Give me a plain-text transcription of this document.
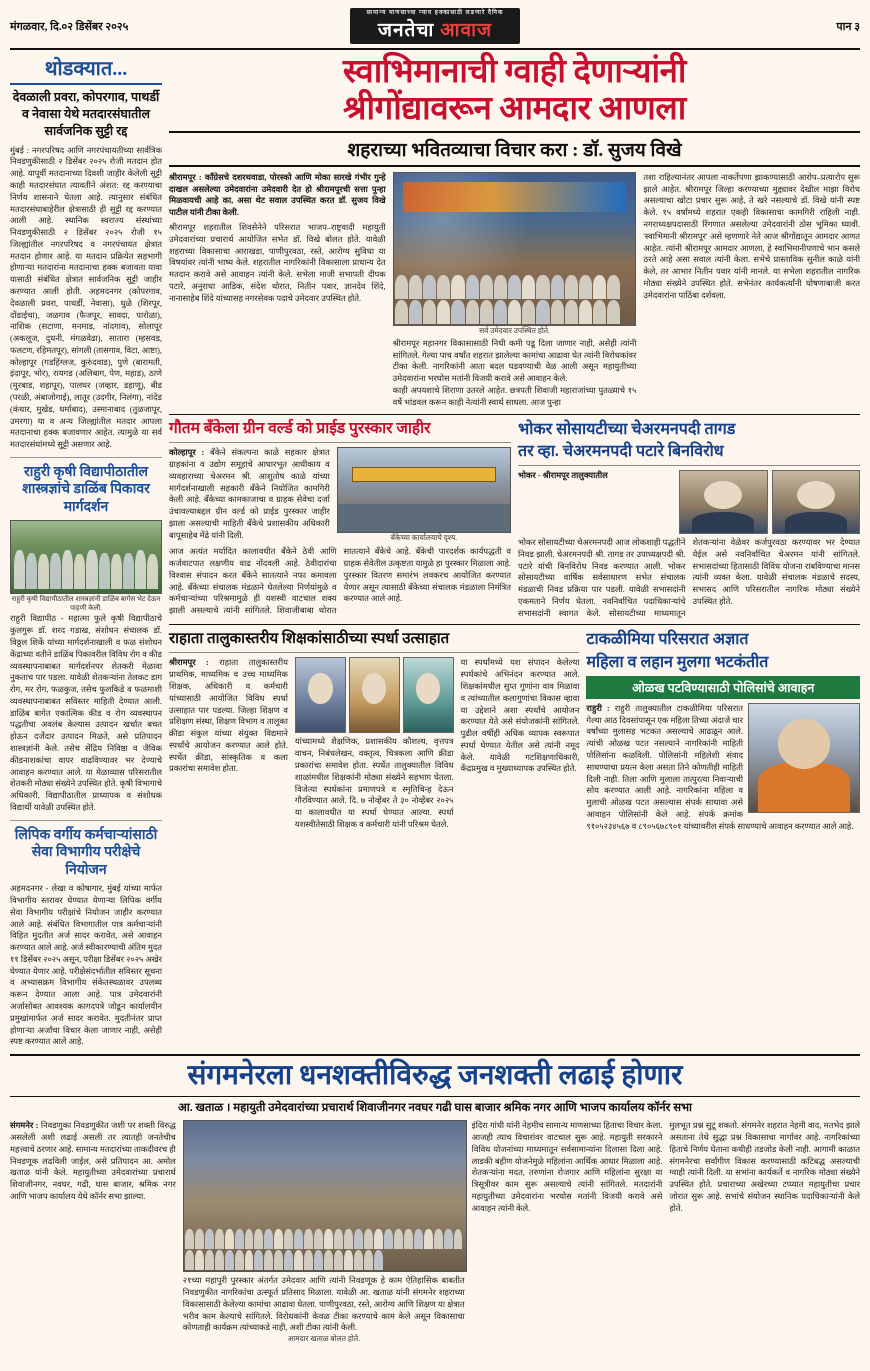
मंगळवार, दि.०२ डिसेंबर २०२५
सामान्य माणसाच्या न्याय हक्कासाठी लढणारे दैनिक
जनतेचा आवाज	पान ३
थोडक्यात...
देवळाली प्रवरा, कोपरगाव, पाथर्डी व नेवासा येथे मतदारसंघातील सार्वजनिक सुट्टी रद्द
मुंबई : नगरपरिषद आणि नगरपंचायतीच्या सार्वत्रिक निवडणुकीसाठी २ डिसेंबर २०२५ रोजी मतदान होत आहे. यापूर्वी मतदानाच्या दिवशी जाहीर केलेली सुट्टी काही मतदारसंघात त्यावतीने अंशत: रद्द करण्याचा निर्णय शासनाने घेतला आहे. त्यानुसार संबंधित मतदारसंघाबाहेरील क्षेत्रासाठी ही सुट्टी रद्द करण्यात आली आहे. स्थानिक स्वराज्य संस्थांच्या निवडणुकीसाठी २ डिसेंबर २०२५ रोजी १५ जिल्ह्यांतील नगरपरिषद व नगरपंचायत क्षेत्रात मतदान होणार आहे. या मतदान प्रक्रियेत सहभागी होणाऱ्या मतदारांना मतदानाचा हक्क बजावता यावा यासाठी संबंधित क्षेत्रात सार्वजनिक सुट्टी जाहीर करण्यात आली होती. अहमदनगर (कोपरगाव, देवळाली प्रवरा, पाथर्डी, नेवासा), धुळे (शिरपूर, दोंडाईचा), जळगाव (फैजपूर, सावदा, पारोळा), नाशिक (सटाणा, मनमाड, नांदगाव), सोलापूर (अकलूज, दुधनी, मंगळवेढा), सातारा (म्हसवड, फलटण, रहिमतपूर), सांगली (तासगाव, विटा, आष्टा), कोल्हापूर (गडहिंग्लज, कुरुंदवाड), पुणे (बारामती, इंदापूर, भोर), रायगड (अलिबाग, पेण, महाड), ठाणे (मुरबाड, शहापूर), पालघर (जव्हार, डहाणू), बीड (परळी, अंबाजोगाई), लातूर (उदगीर, निलंगा), नांदेड (कंधार, मुखेड, धर्माबाद), उस्मानाबाद (तुळजापूर, उमरगा) या व अन्य जिल्ह्यांतील मतदार आपला मतदानाचा हक्क बजावणार आहेत. त्यामुळे या सर्व मतदारसंघांमध्ये सुट्टी असणार आहे.
राहुरी कृषी विद्यापीठातील शास्त्रज्ञांचे डाळिंब पिकावर मार्गदर्शन
राहुरी कृषी विद्यापीठातील शास्त्रज्ञांनी डाळिंब बागेस भेट देऊन पाहणी केली.
राहुरी विद्यापीठ - महात्मा फुले कृषी विद्यापीठाचे कुलगुरू डॉ. शरद गडाख, संशोधन संचालक डॉ. विठ्ठल शिर्के यांच्या मार्गदर्शनाखाली व फळ संशोधन केंद्राच्या वतीने डाळिंब पिकावरील विविध रोग व कीड व्यवस्थापनाबाबत मार्गदर्शनपर शेतकरी मेळावा नुकताच पार पडला. यावेळी शेतकऱ्यांना तेलकट डाग रोग, मर रोग, फळकुज, तसेच फुलकिडे व फळमाशी व्यवस्थापनाबाबत सविस्तर माहिती देण्यात आली. डाळिंब बागेत एकात्मिक कीड व रोग व्यवस्थापन पद्धतीचा अवलंब केल्यास उत्पादन खर्चात बचत होऊन दर्जेदार उत्पादन मिळते, असे प्रतिपादन शास्त्रज्ञांनी केले. तसेच सेंद्रिय निविष्ठा व जैविक कीडनाशकांचा वापर वाढविण्यावर भर देण्याचे आवाहन करण्यात आले. या मेळाव्यास परिसरातील शेतकरी मोठ्या संख्येने उपस्थित होते. कृषी विभागाचे अधिकारी, विद्यापीठातील प्राध्यापक व संशोधक विद्यार्थी यावेळी उपस्थित होते.
लिपिक वर्गीय कर्मचाऱ्यांसाठी सेवा विभागीय परीक्षेचे नियोजन
अहमदनगर - लेखा व कोषागार, मुंबई यांच्या मार्फत विभागीय स्तरावर घेण्यात येणाऱ्या लिपिक वर्गीय सेवा विभागीय परीक्षांचे नियोजन जाहीर करण्यात आले आहे. संबंधित विभागातील पात्र कर्मचाऱ्यांनी विहित मुदतीत अर्ज सादर करावेत, असे आवाहन करण्यात आले आहे. अर्ज स्वीकारण्याची अंतिम मुदत ११ डिसेंबर २०२५ असून, परीक्षा डिसेंबर २०२५ अखेर घेण्यात येणार आहे. परीक्षेसंदर्भातील सविस्तर सूचना व अभ्यासक्रम विभागीय संकेतस्थळावर उपलब्ध करून देण्यात आला आहे. पात्र उमेदवारांनी अर्जासोबत आवश्यक कागदपत्रे जोडून कार्यालयीन प्रमुखांमार्फत अर्ज सादर करावेत. मुदतीनंतर प्राप्त होणाऱ्या अर्जांचा विचार केला जाणार नाही, असेही स्पष्ट करण्यात आले आहे.
स्वाभिमानाची ग्वाही देणाऱ्यांनी
श्रीगोंद्यावरून आमदार आणला
शहराच्या भवितव्याचा विचार करा : डॉ. सुजय विखे
श्रीरामपूर : कॉंग्रेसचे दशरथवाडा, पोरस्को आणि मोका सारखे गंभीर गुन्हे दाखल असलेल्या उमेदवारांना उमेदवारी देत हो श्रीरामपूरची सत्ता पुन्हा मिळवायची आहे का, असा थेट सवाल उपस्थित करत डॉ. सुजय विखे पाटील यांनी टीका केली.
श्रीरामपूर शहरातील शिवसेनेने परिसरात भाजप–राष्ट्रवादी महायुती उमेदवारांच्या प्रचारार्थ आयोजित सभेत डॉ. विखे बोलत होते. यावेळी शहराच्या विकासाचा आराखडा, पाणीपुरवठा, रस्ते, आरोग्य सुविधा या विषयांवर त्यांनी भाष्य केले. शहरातील नागरिकांनी विकासाला प्राधान्य देत मतदान करावे असे आवाहन त्यांनी केले. सभेला माजी सभापती दीपक पटारे, अनुराधा आडिक, संदेश थोरात, नितीन पवार, ज्ञानदेव शिंदे, नानासाहेब शिंदे यांच्यासह नगरसेवक पदाचे उमेदवार उपस्थित होते.
सर्व उमेदवार उपस्थित होते.
श्रीरामपूर महानगर विकासासाठी निधी कमी पडू दिला जाणार नाही, असेही त्यांनी सांगितले. गेल्या पाच वर्षांत शहरात झालेल्या कामांचा आढावा घेत त्यांनी विरोधकांवर टीका केली. नागरिकांनी आता बदल घडवण्याची वेळ आली असून महायुतीच्या उमेदवारांना भरघोस मतांनी विजयी करावे असे आवाहन केले.
काही अपयशाचे शिराणा उतरले आहेत. छत्रपती शिवाजी महाराजांच्या पुतळ्याचे १५ वर्षे भांडवल करून काही नेत्यांनी स्वार्थ साधला. आज पुन्हा
तशा राहिल्यानंतर आपला नाकर्तेपणा झाकण्यासाठी आरोप–प्रत्यारोप सुरू झाले आहेत. श्रीरामपूर जिल्हा करण्याच्या मुद्द्यावर देखील माझा विरोध असल्याचा खोटा प्रचार सुरू आहे, ते खरे नसल्याचे डॉ. विखे यांनी स्पष्ट केले. १५ वर्षांमध्ये शहरात एकही विकासाचा कामगिरी राहिली नाही. नगराध्यक्षपदासाठी रिंगणात असलेल्या उमेदवारांनी ठोस भूमिका घ्यावी. 'स्वाभिमानी श्रीरामपूर' असे म्हणणारे नेते आज श्रीगोंद्यातून आमदार आणत आहेत. त्यांनी श्रीरामपूर आमदार आणला, हे स्वाभिमानीपणाचे भान कसले ठरते आहे असा सवाल त्यांनी केला. सभेचे प्रास्ताविक सुनील काळे यांनी केले, तर आभार नितीन पवार यांनी मानले. या सभेला शहरातील नागरिक मोठ्या संख्येने उपस्थित होते. सभेनंतर कार्यकर्त्यांनी घोषणाबाजी करत उमेदवारांना पाठिंबा दर्शवला.
गौतम बँकेला ग्रीन वर्ल्ड को प्राईड पुरस्कार जाहीर
कोल्हापूर : बँकेने संकल्पना काळे सहकार क्षेत्रात ग्राहकांना व उद्योग समूहाचे आधारभूत आधीकाय व व्यवहाराच्या चेअरमन श्री. आशुतोष काळे यांच्या मार्गदर्शनाखाली सहकारी बँकेने नियोजित कामगिरी केली आहे. बँकेच्या कामकाजाचा व ग्राहक सेवेचा दर्जा उंचावल्याबद्दल ग्रीन वर्ल्ड को प्राईड पुरस्कार जाहीर झाला असल्याची माहिती बँकेचे प्रशासकीय अधिकारी बापूसाहेब मेंढे यांनी दिली.	बँकेच्या कार्यालयाचे दृश्य.
आज अत्यंत मर्यादित कालावधीत बँकेने ठेवी आणि कर्जवाटपात लक्षणीय वाढ नोंदवली आहे. ठेवीदारांचा विश्वास संपादन करत बँकेने सातत्याने नफा कमावला आहे. बँकेच्या संचालक मंडळाने घेतलेल्या निर्णयांमुळे व कर्मचाऱ्यांच्या परिश्रमामुळे ही यशस्वी वाटचाल शक्य झाली असल्याचे त्यांनी सांगितले. शिवाजीबाबा थोरात सातत्याने बँकेचे आहे. बँकेची पारदर्शक कार्यपद्धती व ग्राहक सेवेतील उत्कृष्टता यामुळे हा पुरस्कार मिळाला आहे. पुरस्कार वितरण समारंभ लवकरच आयोजित करण्यात येणार असून त्यासाठी बँकेच्या संचालक मंडळाला निमंत्रित करण्यात आले आहे.
भोकर सोसायटीच्या चेअरमनपदी तागड
तर व्हा. चेअरमनपदी पटारे बिनविरोध
भोकर - श्रीरामपूर तालुक्यातील
भोकर सोसायटीच्या चेअरमनपदी आज लोकशाही पद्धतीने निवड झाली. चेअरमनपदी श्री. तागड तर उपाध्यक्षपदी श्री. पटारे यांची बिनविरोध निवड करण्यात आली. भोकर सोसायटीच्या वार्षिक सर्वसाधारण सभेत संचालक मंडळाची निवड प्रक्रिया पार पडली. यावेळी सभासदांनी एकमताने निर्णय घेतला. नवनिर्वाचित पदाधिकाऱ्यांचे सभासदांनी स्वागत केले. सोसायटीच्या माध्यमातून शेतकऱ्यांना वेळेवर कर्जपुरवठा करण्यावर भर देण्यात येईल असे नवनिर्वाचित चेअरमन यांनी सांगितले. सभासदांच्या हितासाठी विविध योजना राबविण्याचा मानस त्यांनी व्यक्त केला. यावेळी संचालक मंडळाचे सदस्य, सभासद आणि परिसरातील नागरिक मोठ्या संख्येने उपस्थित होते.
राहाता तालुकास्तरीय शिक्षकांसाठीच्या स्पर्धा उत्साहात
श्रीरामपूर : राहाता तालुकास्तरीय प्राथमिक, माध्यमिक व उच्च माध्यमिक शिक्षक, अधिकारी व कर्मचारी यांच्यासाठी आयोजित विविध स्पर्धा उत्साहात पार पडल्या. जिल्हा शिक्षण व प्रशिक्षण संस्था, शिक्षण विभाग व तालुका क्रीडा संकुल यांच्या संयुक्त विद्यमाने स्पर्धांचे आयोजन करण्यात आले होते. स्पर्धेत क्रीडा, सांस्कृतिक व कला प्रकारांचा समावेश होता.
यांच्यामध्ये शैक्षणिक, प्रशासकीय कौशल्य, वृत्तपत्र वाचन, निबंधलेखन, वक्तृत्व, चित्रकला आणि क्रीडा प्रकारांचा समावेश होता. स्पर्धेत तालुक्यातील विविध शाळांमधील शिक्षकांनी मोठ्या संख्येने सहभाग घेतला. विजेत्या स्पर्धकांना प्रमाणपत्रे व स्मृतिचिन्ह देऊन गौरविण्यात आले. दि. ७ नोव्हेंबर ते ३० नोव्हेंबर २०२५ या कालावधीत या स्पर्धा घेण्यात आल्या. स्पर्धा यशस्वीतेसाठी शिक्षक व कर्मचारी यांनी परिश्रम घेतले.
या स्पर्धांमध्ये यश संपादन केलेल्या स्पर्धकांचे अभिनंदन करण्यात आले. शिक्षकांमधील सुप्त गुणांना वाव मिळावा व त्यांच्यातील कलागुणांचा विकास व्हावा या उद्देशाने अशा स्पर्धांचे आयोजन करण्यात येते असे संयोजकांनी सांगितले. पुढील वर्षीही अधिक व्यापक स्वरूपात स्पर्धा घेण्यात येतील असे त्यांनी नमूद केले. यावेळी गटशिक्षणाधिकारी, केंद्रप्रमुख व मुख्याध्यापक उपस्थित होते.
टाकळीमिया परिसरात अज्ञात
महिला व लहान मुलगा भटकंतीत
ओळख पटविण्यासाठी पोलिसांचे आवाहन
राहुरी : राहुरी तालुक्यातील टाकळीमिया परिसरात गेल्या आठ दिवसांपासून एक महिला तिच्या अंदाजे चार वर्षांच्या मुलासह भटकत असल्याचे आढळून आले. त्यांची ओळख पटत नसल्याने नागरिकांनी माहिती पोलिसांना कळविली. पोलिसांनी महिलेशी संवाद साधण्याचा प्रयत्न केला असता तिने कोणतीही माहिती दिली नाही. तिला आणि मुलाला तात्पुरत्या निवाऱ्याची सोय करण्यात आली आहे. नागरिकांना महिला व मुलाची ओळख पटत असल्यास संपर्क साधावा असे आवाहन पोलिसांनी केले आहे. संपर्क क्रमांक ९१०५२३४५६७ व ८९०५६७८९०१ यांच्यावरील संपर्क साधण्याचे आवाहन करण्यात आले आहे.
संगमनेरला धनशक्तीविरुद्ध जनशक्ती लढाई होणार
आ. खताळ । महायुती उमेदवारांच्या प्रचारार्थ शिवाजीनगर नवघर गढी घास बाजार श्रमिक नगर आणि भाजप कार्यालय कॉर्नर सभा
संगमनेर : निवडणुका निवडणुकीत जशी पर शक्ती विरुद्ध असलेली अशी लढाई असली तर त्यातही जनतेचीच महत्त्वाचे ठरणार आहे. सामान्य मतदारांच्या ताकदीवरच ही निवडणूक लढविली जाईल, असे प्रतिपादन आ. अमोल खताळ यांनी केले. महायुतीच्या उमेदवारांच्या प्रचारार्थ शिवाजीनगर, नवघर, गढी, घास बाजार, श्रमिक नगर आणि भाजप कार्यालय येथे कॉर्नर सभा झाल्या.
२१च्या महापुरी पुरस्कार अंतर्गत उमेदवार आणि त्यांनी निवडणूक हे काम ऐतिहासिक बाबतीत निवडणुकीत नागरिकांचा उत्स्फूर्त प्रतिसाद मिळाला. यावेळी आ. खताळ यांनी संगमनेर शहराच्या विकासासाठी केलेल्या कामांचा आढावा घेतला. पाणीपुरवठा, रस्ते, आरोग्य आणि शिक्षण या क्षेत्रात भरीव काम केल्याचे सांगितले. विरोधकांनी केवळ टीका करण्याचे काम केले असून विकासाचा कोणताही कार्यक्रम त्यांच्याकडे नाही, अशी टीका त्यांनी केली.
आमदार खताळ बोलत होते.
इंदिरा गांधी यांनी नेहमीच सामान्य माणसाच्या हिताचा विचार केला. आजही त्याच विचारांवर वाटचाल सुरू आहे. महायुती सरकारने विविध योजनांच्या माध्यमातून सर्वसामान्यांना दिलासा दिला आहे. लाडकी बहीण योजनेमुळे महिलांना आर्थिक आधार मिळाला आहे. शेतकऱ्यांना मदत, तरुणांना रोजगार आणि महिलांना सुरक्षा या त्रिसूत्रीवर काम सुरू असल्याचे त्यांनी सांगितले. मतदारांनी महायुतीच्या उमेदवारांना भरघोस मतांनी विजयी करावे असे आवाहन त्यांनी केले.
मुलभूत प्रश्न सुटू शकतो. संगमनेर शहरात नेहमी वाद, मतभेद झाले असताना तेथे सुद्धा प्रश्न विकासाचा मार्गावर आहे. नागरिकांच्या हिताचे निर्णय घेताना कधीही तडजोड केली नाही. आगामी काळात संगमनेरचा सर्वांगीण विकास करण्यासाठी कटिबद्ध असल्याची ग्वाही त्यांनी दिली. या सभांना कार्यकर्ते व नागरिक मोठ्या संख्येने उपस्थित होते. प्रचाराच्या अखेरच्या टप्प्यात महायुतीचा प्रचार जोरात सुरू आहे. सभांचे संयोजन स्थानिक पदाधिकाऱ्यांनी केले होते.
